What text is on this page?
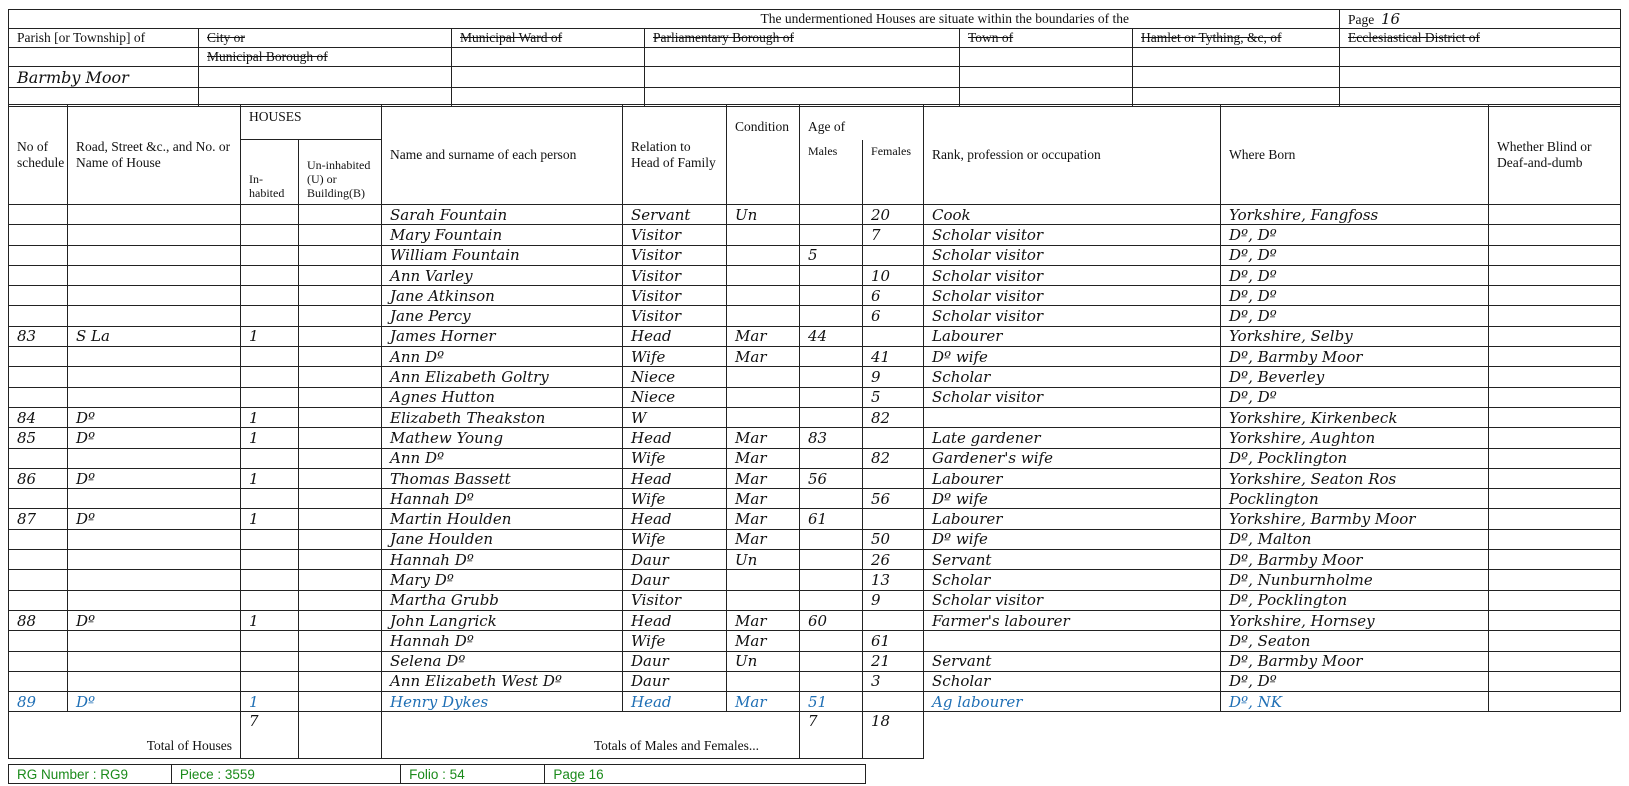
The undermentioned Houses are situate within the boundaries of the						Page 16
Parish [or Township] of	City or	Municipal Ward of	Parliamentary Borough of	Town of	Hamlet or Tything, &c, of	Ecclesiastical District of
	Municipal Borough of					
Barmby Moor						

No of schedule	Road, Street &c., and No. or Name of House	HOUSES		Name and surname of each person	Relation to Head of Family	Condition	Age of		Rank, profession or occupation	Where Born	Whether Blind or Deaf-and-dumb
		In-habited	Un-inhabited (U) or Building(B)				Males	Females			
				Sarah Fountain	Servant	Un		20	Cook	Yorkshire, Fangfoss	
				Mary Fountain	Visitor			7	Scholar visitor	Dº, Dº	
				William Fountain	Visitor		5		Scholar visitor	Dº, Dº	
				Ann Varley	Visitor			10	Scholar visitor	Dº, Dº	
				Jane Atkinson	Visitor			6	Scholar visitor	Dº, Dº	
				Jane Percy	Visitor			6	Scholar visitor	Dº, Dº	
83	S La	1		James Horner	Head	Mar	44		Labourer	Yorkshire, Selby	
				Ann Dº	Wife	Mar		41	Dº wife	Dº, Barmby Moor	
				Ann Elizabeth Goltry	Niece			9	Scholar	Dº, Beverley	
				Agnes Hutton	Niece			5	Scholar visitor	Dº, Dº	
84	Dº	1		Elizabeth Theakston	W			82		Yorkshire, Kirkenbeck	
85	Dº	1		Mathew Young	Head	Mar	83		Late gardener	Yorkshire, Aughton	
				Ann Dº	Wife	Mar		82	Gardener's wife	Dº, Pocklington	
86	Dº	1		Thomas Bassett	Head	Mar	56		Labourer	Yorkshire, Seaton Ros	
				Hannah Dº	Wife	Mar		56	Dº wife	Pocklington	
87	Dº	1		Martin Houlden	Head	Mar	61		Labourer	Yorkshire, Barmby Moor	
				Jane Houlden	Wife	Mar		50	Dº wife	Dº, Malton	
				Hannah Dº	Daur	Un		26	Servant	Dº, Barmby Moor	
				Mary Dº	Daur			13	Scholar	Dº, Nunburnholme	
				Martha Grubb	Visitor			9	Scholar visitor	Dº, Pocklington	
88	Dº	1		John Langrick	Head	Mar	60		Farmer's labourer	Yorkshire, Hornsey	
				Hannah Dº	Wife	Mar		61		Dº, Seaton	
				Selena Dº	Daur	Un		21	Servant	Dº, Barmby Moor	
				Ann Elizabeth West Dº	Daur			3	Scholar	Dº, Dº	
89	Dº	1		Henry Dykes	Head	Mar	51		Ag labourer	Dº, NK	
Total of Houses		7		Totals of Males and Females...			7	18			
RG Number : RG9	Piece : 3559	Folio : 54	Page 16
